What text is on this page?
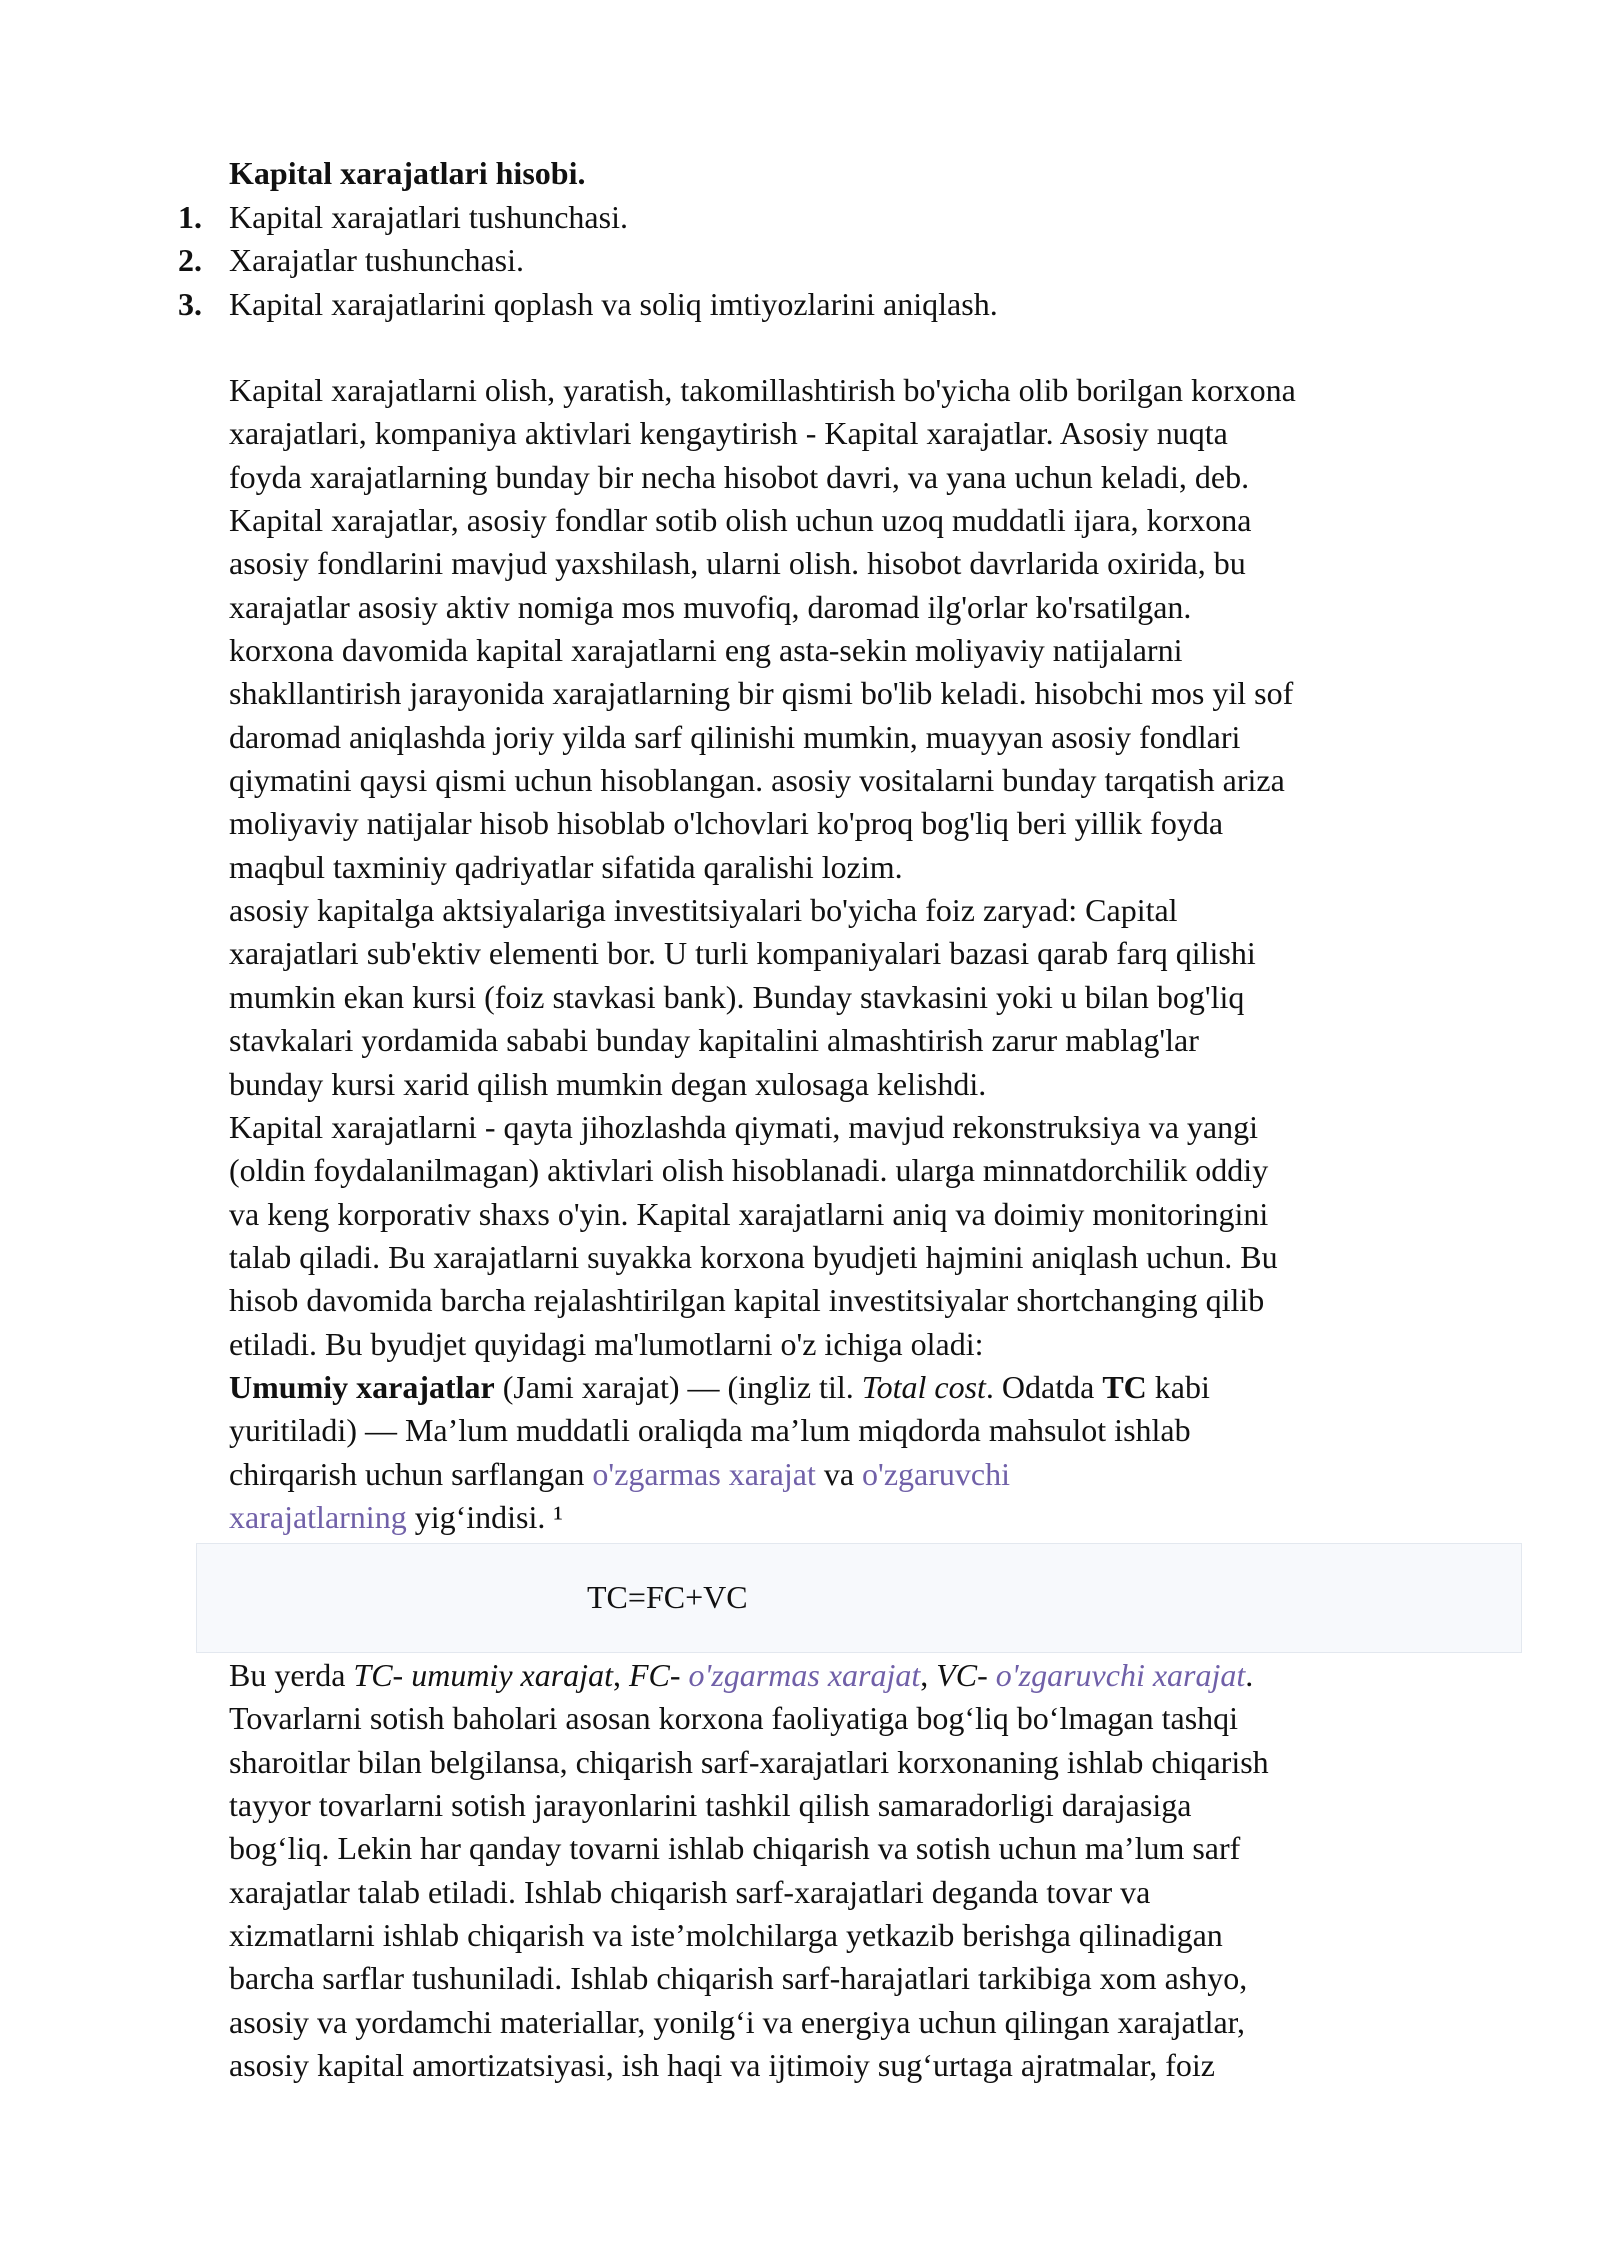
Kapital xarajatlari hisobi.
1. Kapital xarajatlari tushunchasi.
2. Xarajatlar tushunchasi.
3. Kapital xarajatlarini qoplash va soliq imtiyozlarini aniqlash.
Kapital xarajatlarni olish, yaratish, takomillashtirish bo'yicha olib borilgan korxona
xarajatlari, kompaniya aktivlari kengaytirish - Kapital xarajatlar. Asosiy nuqta
foyda xarajatlarning bunday bir necha hisobot davri, va yana uchun keladi, deb.
Kapital xarajatlar, asosiy fondlar sotib olish uchun uzoq muddatli ijara, korxona
asosiy fondlarini mavjud yaxshilash, ularni olish. hisobot davrlarida oxirida, bu
xarajatlar asosiy aktiv nomiga mos muvofiq, daromad ilg'orlar ko'rsatilgan.
korxona davomida kapital xarajatlarni eng asta-sekin moliyaviy natijalarni
shakllantirish jarayonida xarajatlarning bir qismi bo'lib keladi. hisobchi mos yil sof
daromad aniqlashda joriy yilda sarf qilinishi mumkin, muayyan asosiy fondlari
qiymatini qaysi qismi uchun hisoblangan. asosiy vositalarni bunday tarqatish ariza
moliyaviy natijalar hisob hisoblab o'lchovlari ko'proq bog'liq beri yillik foyda
maqbul taxminiy qadriyatlar sifatida qaralishi lozim.
asosiy kapitalga aktsiyalariga investitsiyalari bo'yicha foiz zaryad: Capital
xarajatlari sub'ektiv elementi bor. U turli kompaniyalari bazasi qarab farq qilishi
mumkin ekan kursi (foiz stavkasi bank). Bunday stavkasini yoki u bilan bog'liq
stavkalari yordamida sababi bunday kapitalini almashtirish zarur mablag'lar
bunday kursi xarid qilish mumkin degan xulosaga kelishdi.
Kapital xarajatlarni - qayta jihozlashda qiymati, mavjud rekonstruksiya va yangi
(oldin foydalanilmagan) aktivlari olish hisoblanadi. ularga minnatdorchilik oddiy
va keng korporativ shaxs o'yin. Kapital xarajatlarni aniq va doimiy monitoringini
talab qiladi. Bu xarajatlarni suyakka korxona byudjeti hajmini aniqlash uchun. Bu
hisob davomida barcha rejalashtirilgan kapital investitsiyalar shortchanging qilib
etiladi. Bu byudjet quyidagi ma'lumotlarni o'z ichiga oladi:
Umumiy xarajatlar (Jami xarajat) — (ingliz til. Total cost. Odatda TC kabi
yuritiladi) — Ma’lum muddatli oraliqda ma’lum miqdorda mahsulot ishlab
chirqarish uchun sarflangan o'zgarmas xarajat va o'zgaruvchi
xarajatlarning yig‘indisi. ¹
TC=FC+VC
Bu yerda TC- umumiy xarajat, FC- o'zgarmas xarajat, VC- o'zgaruvchi xarajat.
Tovarlarni sotish baholari asosan korxona faoliyatiga bog‘liq bo‘lmagan tashqi
sharoitlar bilan belgilansa, chiqarish sarf-xarajatlari korxonaning ishlab chiqarish
tayyor tovarlarni sotish jarayonlarini tashkil qilish samaradorligi darajasiga
bog‘liq. Lekin har qanday tovarni ishlab chiqarish va sotish uchun ma’lum sarf
xarajatlar talab etiladi. Ishlab chiqarish sarf-xarajatlari deganda tovar va
xizmatlarni ishlab chiqarish va iste’molchilarga yetkazib berishga qilinadigan
barcha sarflar tushuniladi. Ishlab chiqarish sarf-harajatlari tarkibiga xom ashyo,
asosiy va yordamchi materiallar, yonilg‘i va energiya uchun qilingan xarajatlar,
asosiy kapital amortizatsiyasi, ish haqi va ijtimoiy sug‘urtaga ajratmalar, foiz
